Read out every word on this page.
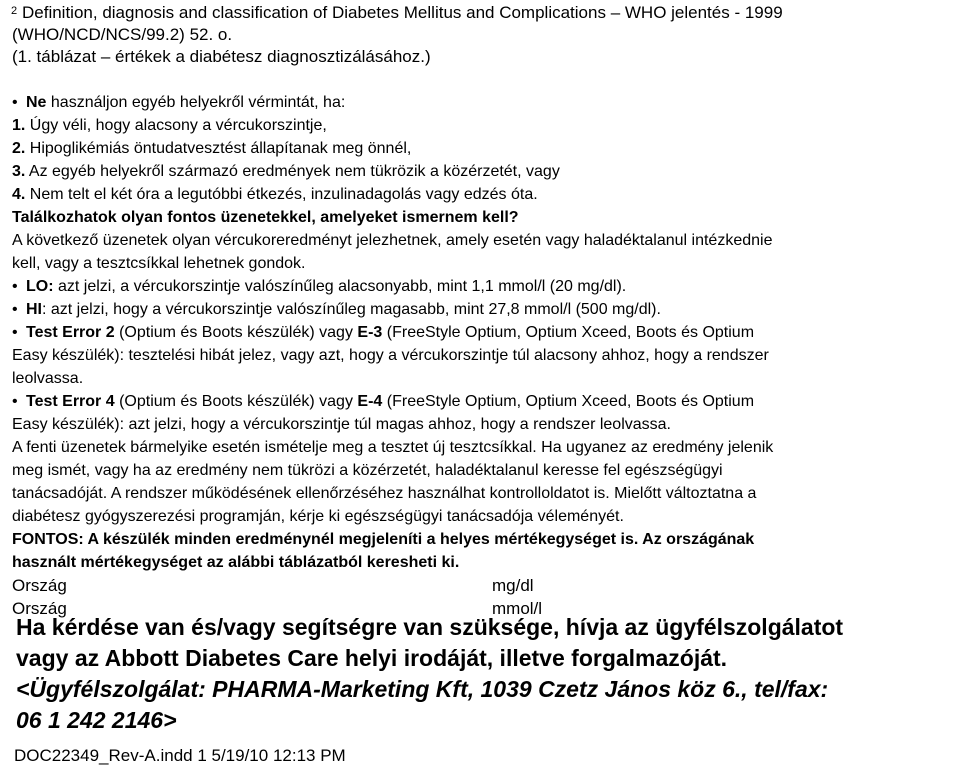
2 Definition, diagnosis and classification of Diabetes Mellitus and Complications – WHO jelentés - 1999
(WHO/NCD/NCS/99.2) 52. o.
(1. táblázat – értékek a diabétesz diagnosztizálásához.)
• Ne használjon egyéb helyekről vérmintát, ha:
1. Úgy véli, hogy alacsony a vércukorszintje,
2. Hipoglikémiás öntudatvesztést állapítanak meg önnél,
3. Az egyéb helyekről származó eredmények nem tükrözik a közérzetét, vagy
4. Nem telt el két óra a legutóbbi étkezés, inzulinadagolás vagy edzés óta.
Találkozhatok olyan fontos üzenetekkel, amelyeket ismernem kell?
A következő üzenetek olyan vércukoreredményt jelezhetnek, amely esetén vagy haladéktalanul intézkednie
kell, vagy a tesztcsíkkal lehetnek gondok.
• LO: azt jelzi, a vércukorszintje valószínűleg alacsonyabb, mint 1,1 mmol/l (20 mg/dl).
• HI: azt jelzi, hogy a vércukorszintje valószínűleg magasabb, mint 27,8 mmol/l (500 mg/dl).
• Test Error 2 (Optium és Boots készülék) vagy E-3 (FreeStyle Optium, Optium Xceed, Boots és Optium
Easy készülék): tesztelési hibát jelez, vagy azt, hogy a vércukorszintje túl alacsony ahhoz, hogy a rendszer
leolvassa.
• Test Error 4 (Optium és Boots készülék) vagy E-4 (FreeStyle Optium, Optium Xceed, Boots és Optium
Easy készülék): azt jelzi, hogy a vércukorszintje túl magas ahhoz, hogy a rendszer leolvassa.
A fenti üzenetek bármelyike esetén ismételje meg a tesztet új tesztcsíkkal. Ha ugyanez az eredmény jelenik
meg ismét, vagy ha az eredmény nem tükrözi a közérzetét, haladéktalanul keresse fel egészségügyi
tanácsadóját. A rendszer működésének ellenőrzéséhez használhat kontrolloldatot is. Mielőtt változtatna a
diabétesz gyógyszerezési programján, kérje ki egészségügyi tanácsadója véleményét.
FONTOS: A készülék minden eredménynél megjeleníti a helyes mértékegységet is. Az országának
használt mértékegységet az alábbi táblázatból keresheti ki.
Ország	mg/dl
Ország	mmol/l
Ha kérdése van és/vagy segítségre van szüksége, hívja az ügyfélszolgálatot
vagy az Abbott Diabetes Care helyi irodáját, illetve forgalmazóját.
<Ügyfélszolgálat: PHARMA-Marketing Kft, 1039 Czetz János köz 6., tel/fax:
06 1 242 2146>
DOC22349_Rev-A.indd 1 5/19/10 12:13 PM
